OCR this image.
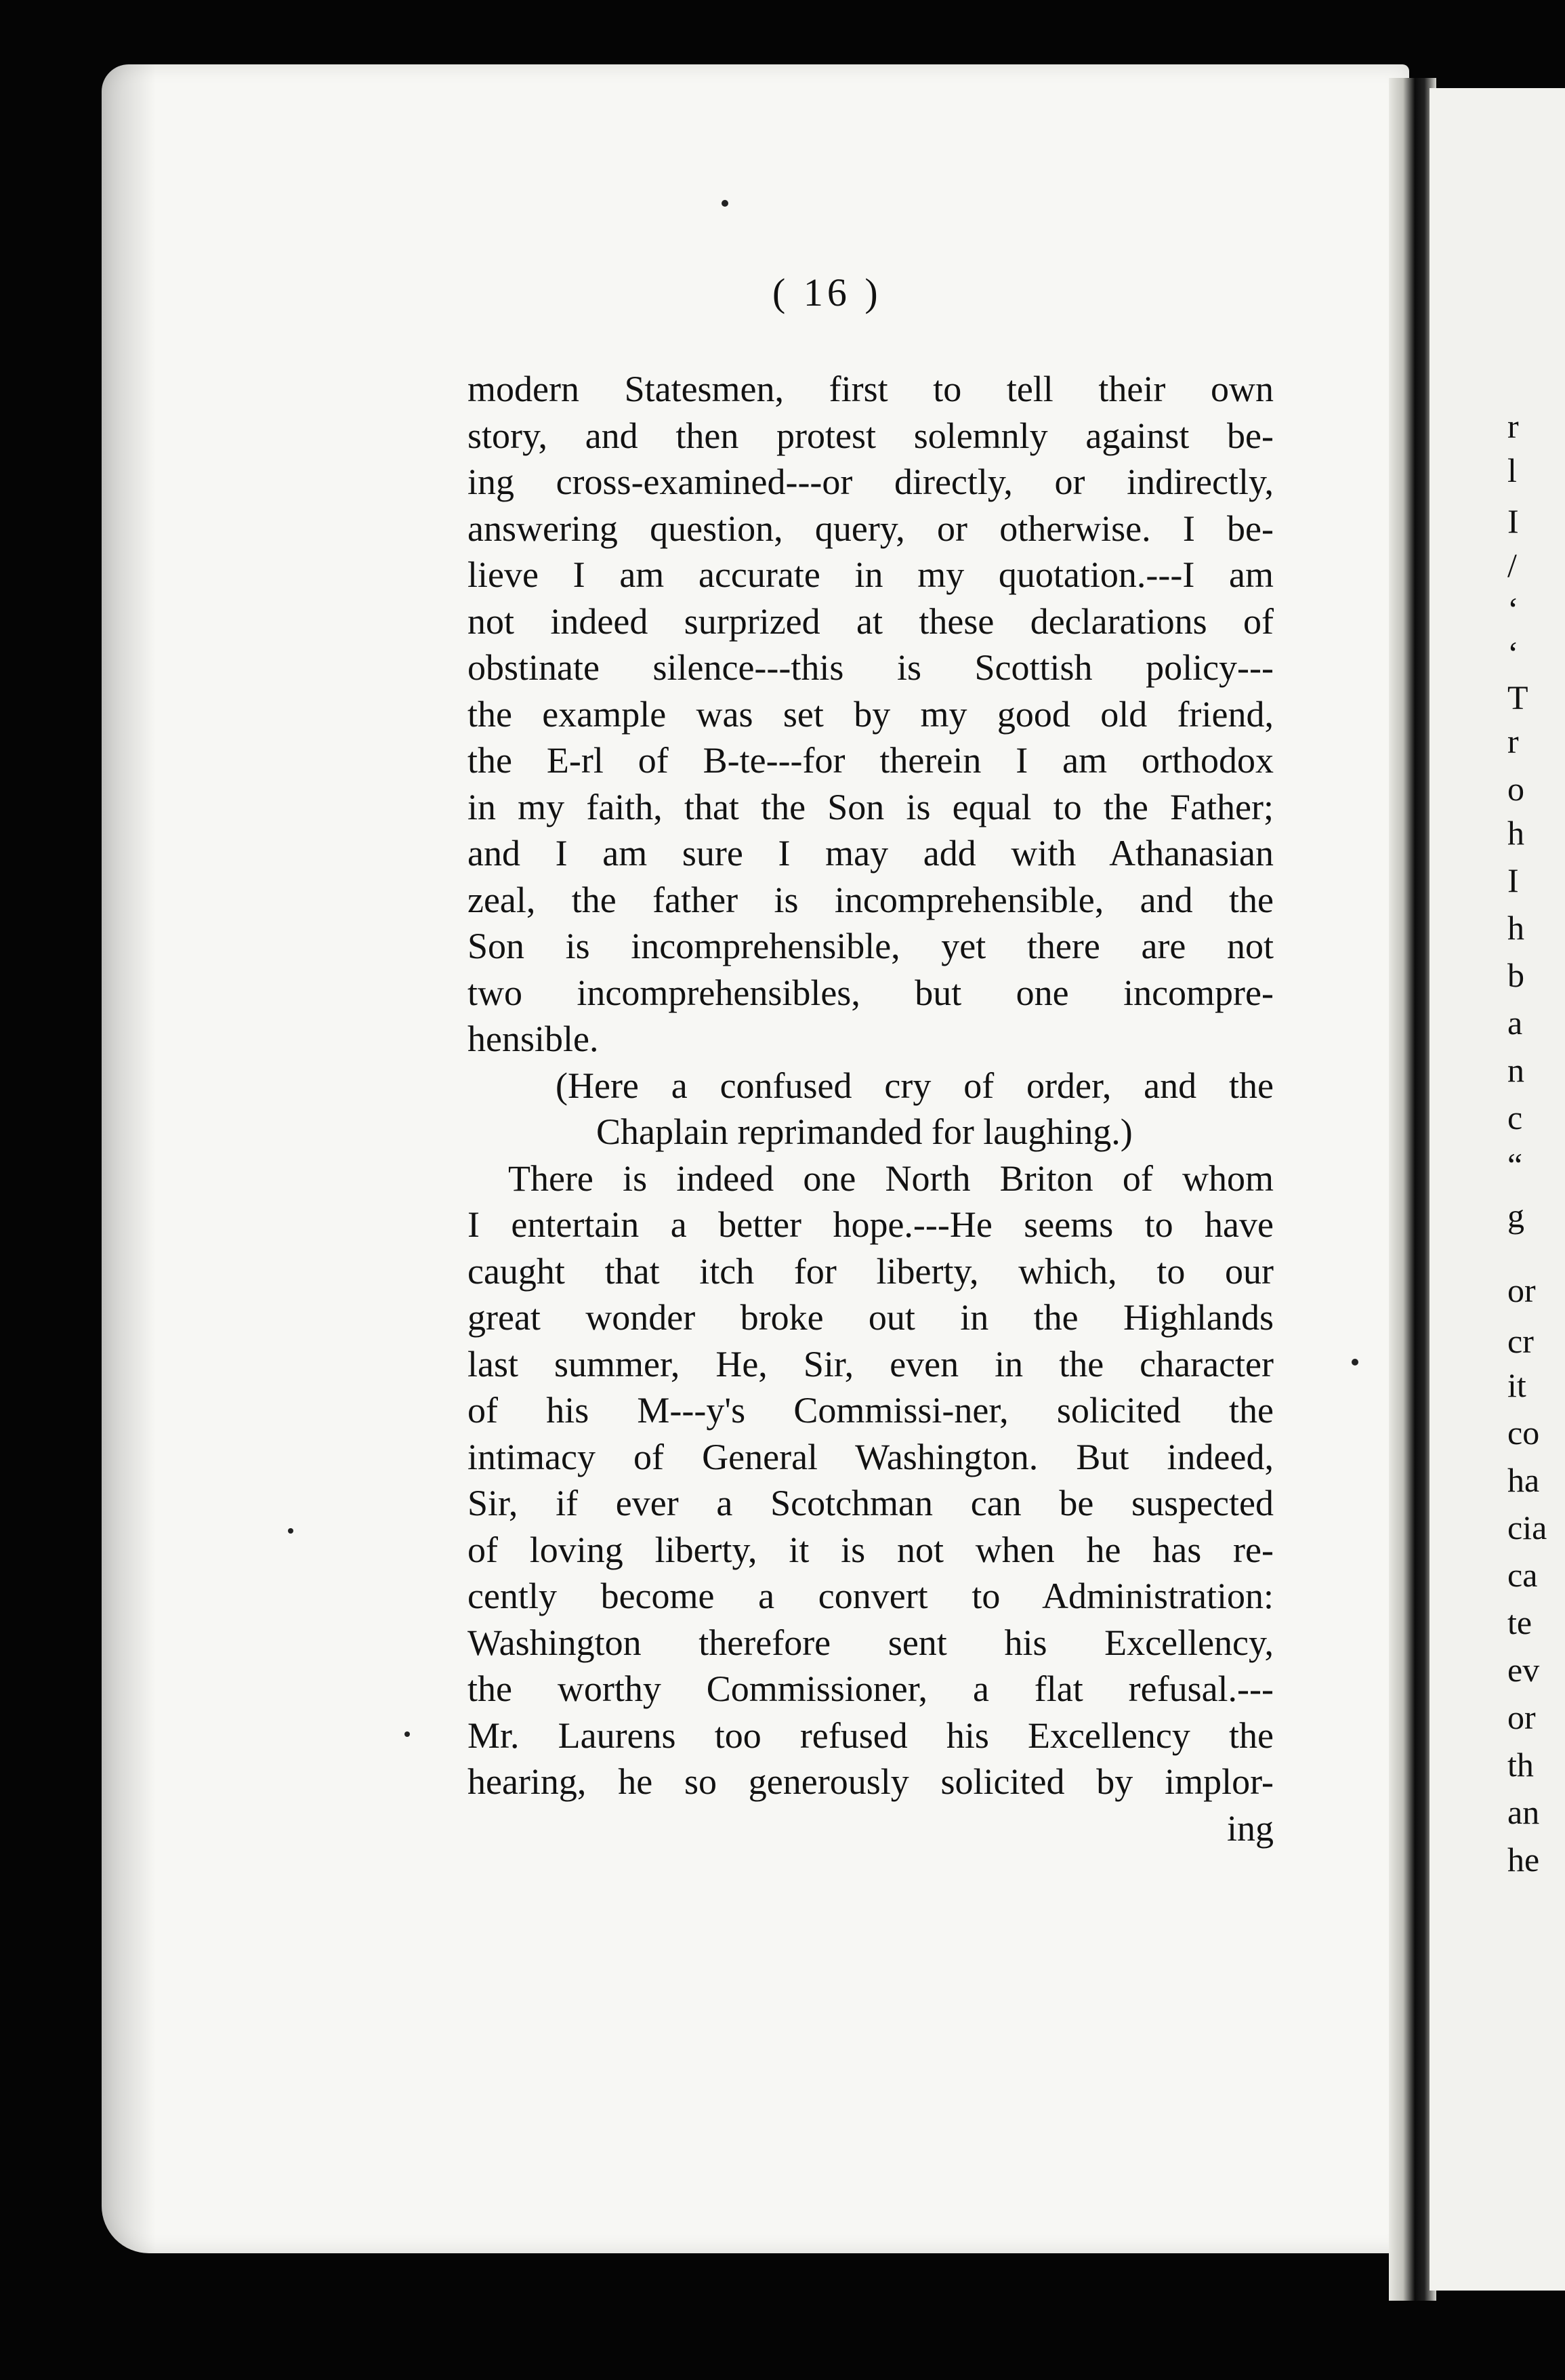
( 16 )
modern Statesmen, first to tell their own
story, and then protest solemnly against be-
ing cross-examined---or directly, or indirectly,
answering question, query, or otherwise. I be-
lieve I am accurate in my quotation.---I am
not indeed surprized at these declarations of
obstinate silence---this is Scottish policy---
the example was set by my good old friend,
the E-rl of B-te---for therein I am orthodox
in my faith, that the Son is equal to the Father;
and I am sure I may add with Athanasian
zeal, the father is incomprehensible, and the
Son is incomprehensible, yet there are not
two incomprehensibles, but one incompre-
hensible.
(Here a confused cry of order, and the
Chaplain reprimanded for laughing.)
There is indeed one North Briton of whom
I entertain a better hope.---He seems to have
caught that itch for liberty, which, to our
great wonder broke out in the Highlands
last summer, He, Sir, even in the character
of his M---y's Commissi-ner, solicited the
intimacy of General Washington. But indeed,
Sir, if ever a Scotchman can be suspected
of loving liberty, it is not when he has re-
cently become a convert to Administration:
Washington therefore sent his Excellency,
the worthy Commissioner, a flat refusal.---
Mr. Laurens too refused his Excellency the
hearing, he so generously solicited by implor-
ing
r
l
I
/
‘
‘
T
r
o
h
I
h
b
a
n
c
“
g
or
cr
it
co
ha
cia
ca
te
ev
or
th
an
he
